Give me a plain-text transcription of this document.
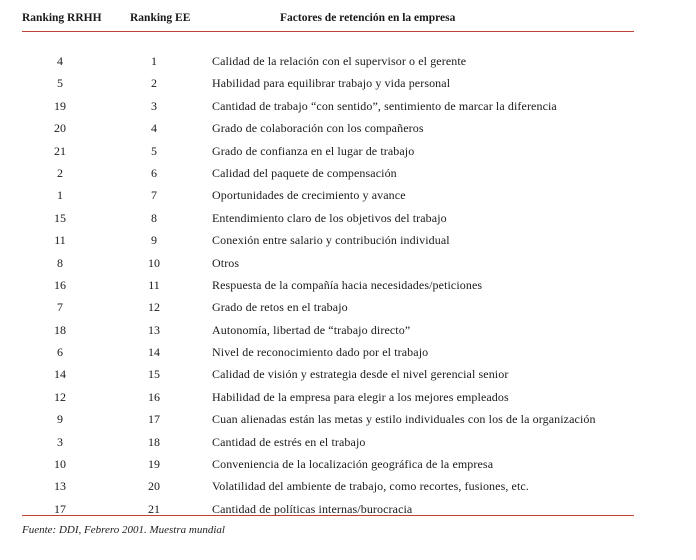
Ranking RRHH	Ranking EE	Factores de retención en la empresa
4	1	Calidad de la relación con el supervisor o el gerente
5	2	Habilidad para equilibrar trabajo y vida personal
19	3	Cantidad de trabajo “con sentido”, sentimiento de marcar la diferencia
20	4	Grado de colaboración con los compañeros
21	5	Grado de confianza en el lugar de trabajo
2	6	Calidad del paquete de compensación
1	7	Oportunidades de crecimiento y avance
15	8	Entendimiento claro de los objetivos del trabajo
11	9	Conexión entre salario y contribución individual
8	10	Otros
16	11	Respuesta de la compañía hacia necesidades/peticiones
7	12	Grado de retos en el trabajo
18	13	Autonomía, libertad de “trabajo directo”
6	14	Nivel de reconocimiento dado por el trabajo
14	15	Calidad de visión y estrategia desde el nivel gerencial senior
12	16	Habilidad de la empresa para elegir a los mejores empleados
9	17	Cuan alienadas están las metas y estilo individuales con los de la organización
3	18	Cantidad de estrés en el trabajo
10	19	Conveniencia de la localización geográfica de la empresa
13	20	Volatilidad del ambiente de trabajo, como recortes, fusiones, etc.
17	21	Cantidad de políticas internas/burocracia
Fuente: DDI, Febrero 2001. Muestra mundial
